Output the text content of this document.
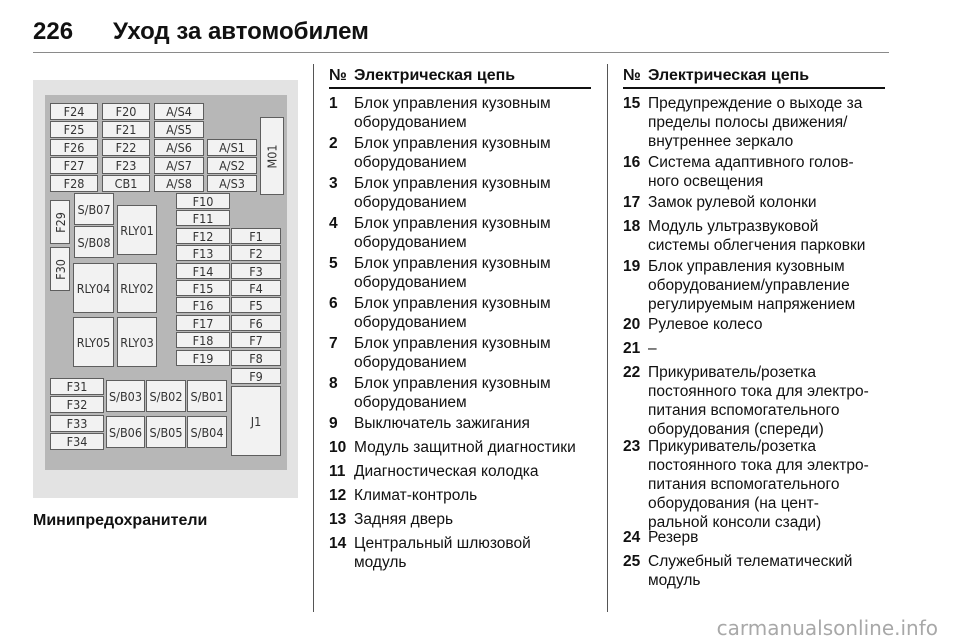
226 Уход за автомобилем
F24 F20 A/S4
F25 F21 A/S5
F26 F22 A/S6 A/S1
F27 F23 A/S7 A/S2
F28 CB1 A/S8 A/S3
M01
F29
F30
S/B07
S/B08
RLY01
RLY02
RLY03
RLY04
RLY05
F10
F11
F12	F1
F13	F2
F14	F3
F15	F4
F16	F5
F17	F6
F18	F7
F19	F8
F9
F31
F32
F33
F34
S/B03 S/B02 S/B01
S/B06 S/B05 S/B04
J1
Минипредохранители
№ Электрическая цепь
1 Блок управления кузовным
оборудованием
2 Блок управления кузовным
оборудованием
3 Блок управления кузовным
оборудованием
4 Блок управления кузовным
оборудованием
5 Блок управления кузовным
оборудованием
6 Блок управления кузовным
оборудованием
7 Блок управления кузовным
оборудованием
8 Блок управления кузовным
оборудованием
9 Выключатель зажигания
10 Модуль защитной диагностики
11 Диагностическая колодка
12 Климат-контроль
13 Задняя дверь
14 Центральный шлюзовой
модуль
№ Электрическая цепь
15 Предупреждение о выходе за
пределы полосы движения/
внутреннее зеркало
16 Система адаптивного голов-
ного освещения
17 Замок рулевой колонки
18 Модуль ультразвуковой
системы облегчения парковки
19 Блок управления кузовным
оборудованием/управление
регулируемым напряжением
20 Рулевое колесо
21 –
22 Прикуриватель/розетка
постоянного тока для электро-
питания вспомогательного
оборудования (спереди)
23 Прикуриватель/розетка
постоянного тока для электро-
питания вспомогательного
оборудования (на цент-
ральной консоли сзади)
24 Резерв
25 Служебный телематический
модуль
carmanualsonline.info
